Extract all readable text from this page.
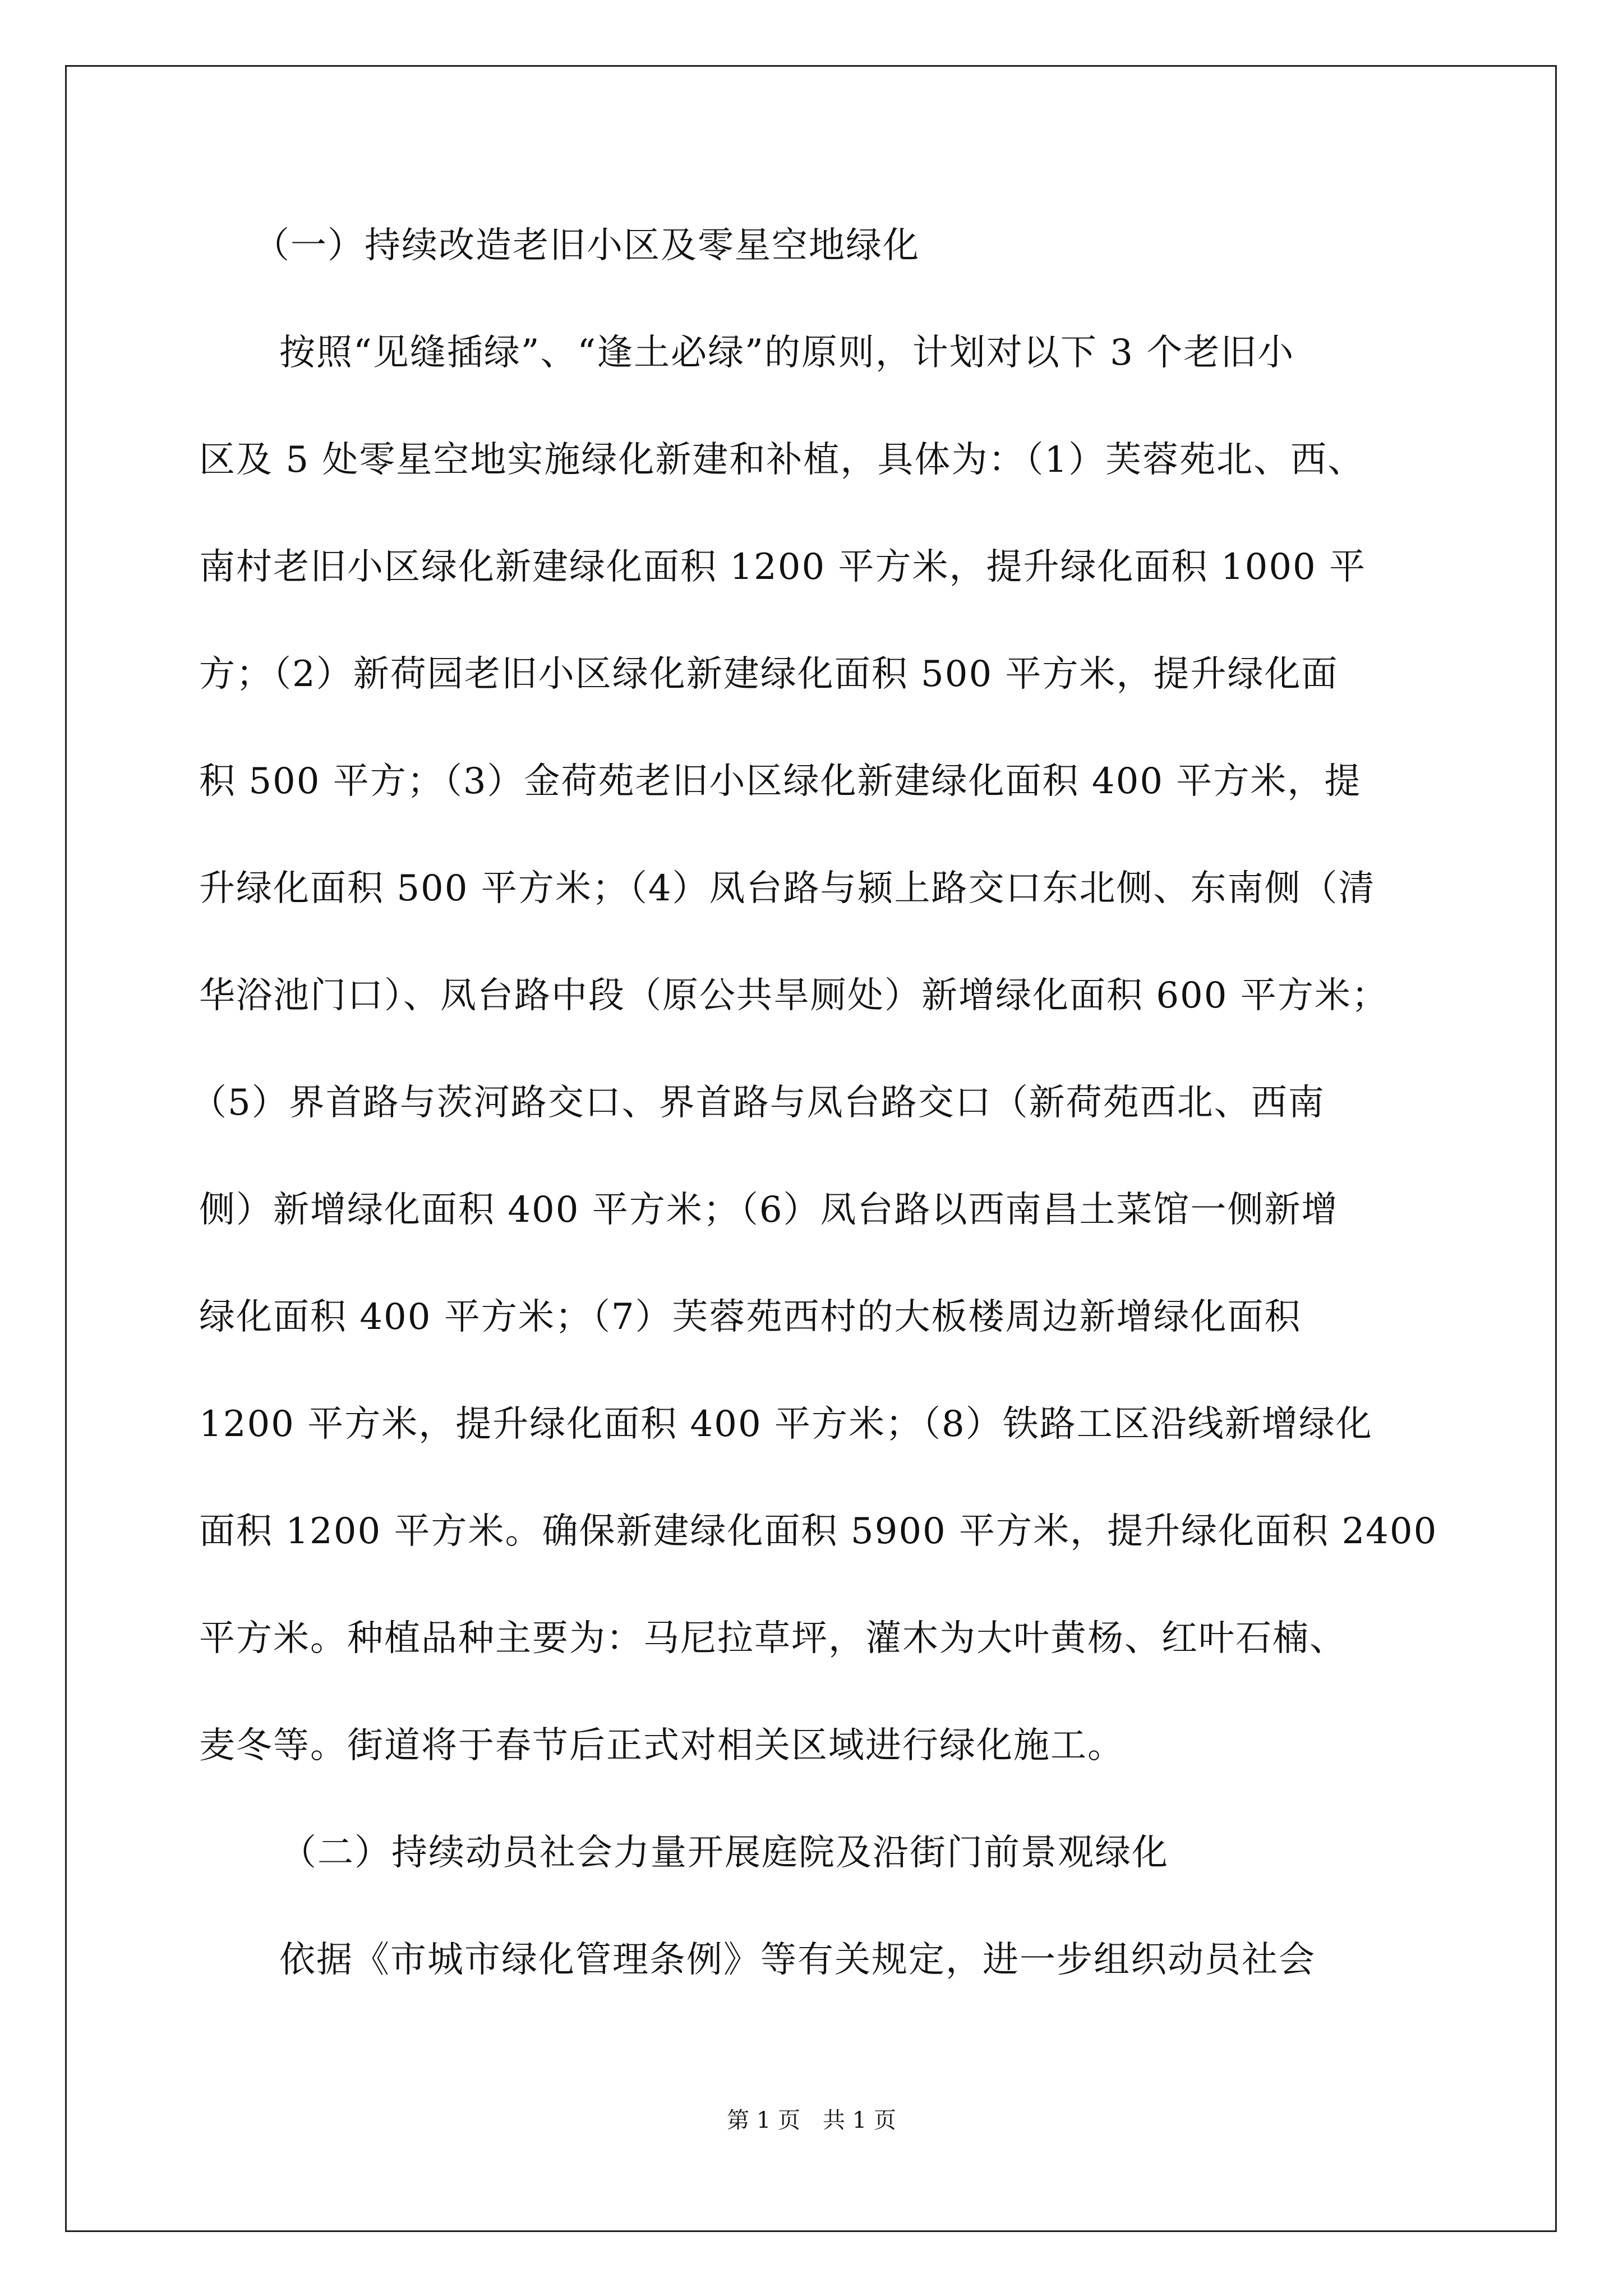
（一）持续改造老旧小区及零星空地绿化

按照“见缝插绿”、“逢土必绿”的原则，计划对以下 3 个老旧小

区及 5 处零星空地实施绿化新建和补植，具体为：（1）芙蓉苑北、西、

南村老旧小区绿化新建绿化面积 1200 平方米，提升绿化面积 1000 平

方；（2）新荷园老旧小区绿化新建绿化面积 500 平方米，提升绿化面

积 500 平方；（3）金荷苑老旧小区绿化新建绿化面积 400 平方米，提

升绿化面积 500 平方米；（4）凤台路与颍上路交口东北侧、东南侧（清

华浴池门口）、凤台路中段（原公共旱厕处）新增绿化面积 600 平方米；

（5）界首路与茨河路交口、界首路与凤台路交口（新荷苑西北、西南

侧）新增绿化面积 400 平方米；（6）凤台路以西南昌土菜馆一侧新增

绿化面积 400 平方米；（7）芙蓉苑西村的大板楼周边新增绿化面积

1200 平方米，提升绿化面积 400 平方米；（8）铁路工区沿线新增绿化

面积 1200 平方米。确保新建绿化面积 5900 平方米，提升绿化面积 2400

平方米。种植品种主要为：马尼拉草坪，灌木为大叶黄杨、红叶石楠、

麦冬等。街道将于春节后正式对相关区域进行绿化施工。

（二）持续动员社会力量开展庭院及沿街门前景观绿化

依据《市城市绿化管理条例》等有关规定，进一步组织动员社会

第 1 页　共 1 页
